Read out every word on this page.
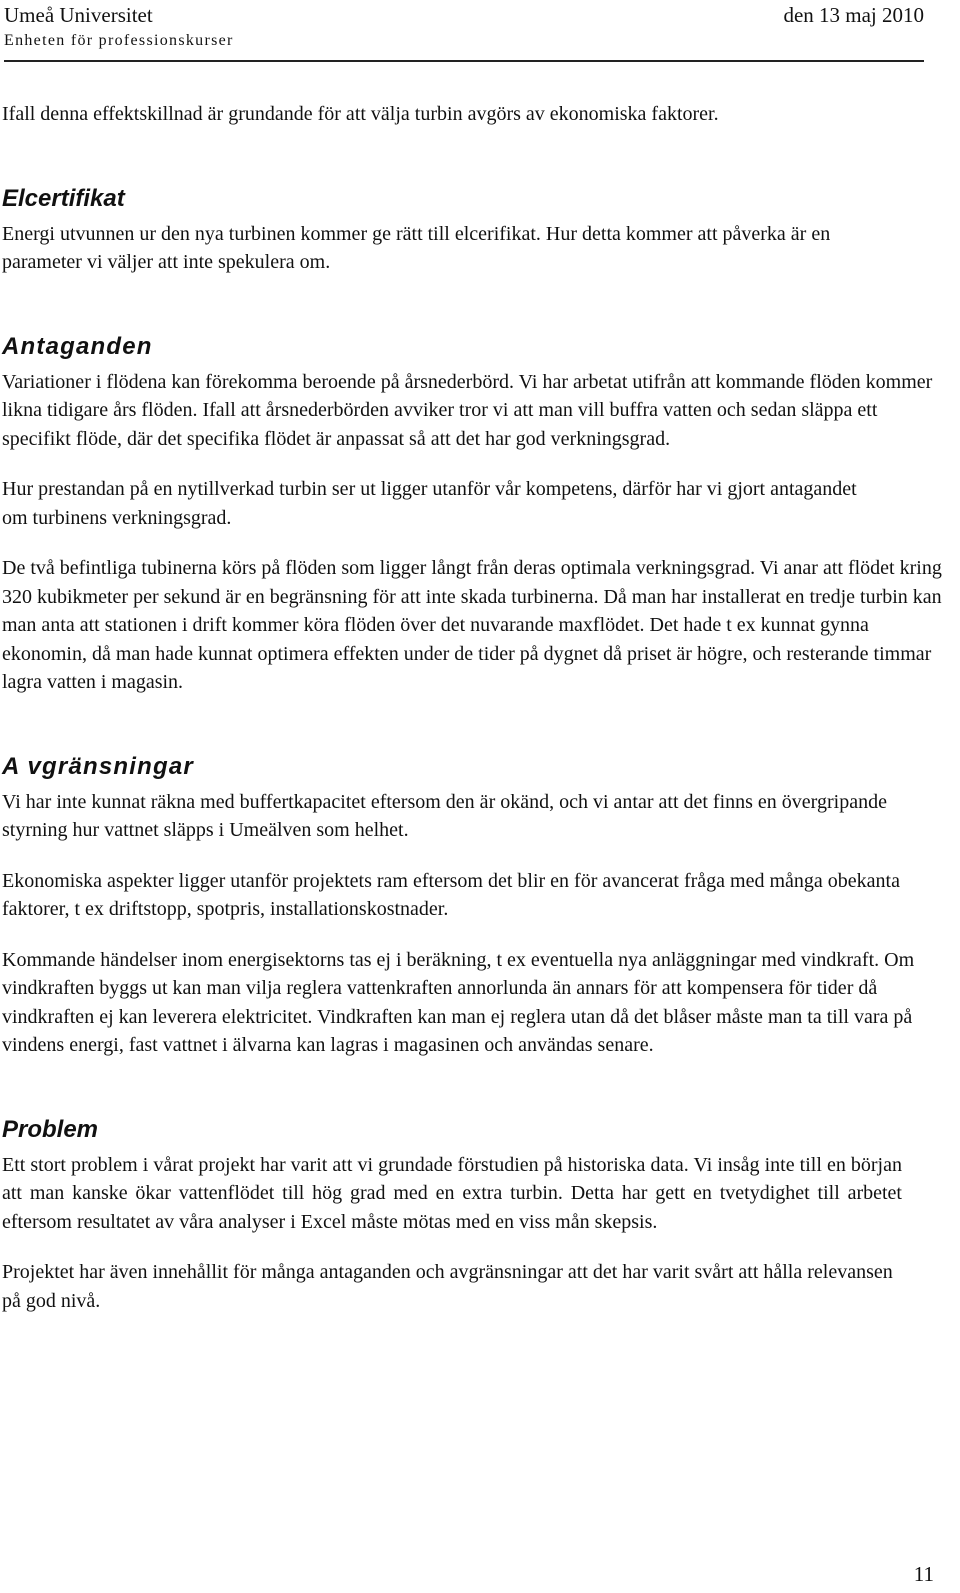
Umeå Universitet
Enheten för professionskurser
den 13 maj 2010

Ifall denna effektskillnad är grundande för att välja turbin avgörs av ekonomiska faktorer.

Elcertifikat

Energi utvunnen ur den nya turbinen kommer ge rätt till elcerifikat. Hur detta kommer att påverka är en parameter vi väljer att inte spekulera om.

Antaganden

Variationer i flödena kan förekomma beroende på årsnederbörd. Vi har arbetat utifrån att kommande flöden kommer likna tidigare års flöden. Ifall att årsnederbörden avviker tror vi att man vill buffra vatten och sedan släppa ett specifikt flöde, där det specifika flödet är anpassat så att det har god verkningsgrad.

Hur prestandan på en nytillverkad turbin ser ut ligger utanför vår kompetens, därför har vi gjort antagandet om turbinens verkningsgrad.

De två befintliga tubinerna körs på flöden som ligger långt från deras optimala verkningsgrad. Vi anar att flödet kring 320 kubikmeter per sekund är en begränsning för att inte skada turbinerna. Då man har installerat en tredje turbin kan man anta att stationen i drift kommer köra flöden över det nuvarande maxflödet. Det hade t ex kunnat gynna ekonomin, då man hade kunnat optimera effekten under de tider på dygnet då priset är högre, och resterande timmar lagra vatten i magasin.

A vgränsningar

Vi har inte kunnat räkna med buffertkapacitet eftersom den är okänd, och vi antar att det finns en övergripande styrning hur vattnet släpps i Umeälven som helhet.

Ekonomiska aspekter ligger utanför projektets ram eftersom det blir en för avancerat fråga med många obekanta faktorer, t ex driftstopp, spotpris, installationskostnader.

Kommande händelser inom energisektorns tas ej i beräkning, t ex eventuella nya anläggningar med vindkraft. Om vindkraften byggs ut kan man vilja reglera vattenkraften annorlunda än annars för att kompensera för tider då vindkraften ej kan leverera elektricitet. Vindkraften kan man ej reglera utan då det blåser måste man ta till vara på vindens energi, fast vattnet i älvarna kan lagras i magasinen och användas senare.

Problem

Ett stort problem i vårat projekt har varit att vi grundade förstudien på historiska data. Vi insåg inte till en början att man kanske ökar vattenflödet till hög grad med en extra turbin. Detta har gett en tvetydighet till arbetet eftersom resultatet av våra analyser i Excel måste mötas med en viss mån skepsis.

Projektet har även innehållit för många antaganden och avgränsningar att det har varit svårt att hålla relevansen på god nivå.

11
